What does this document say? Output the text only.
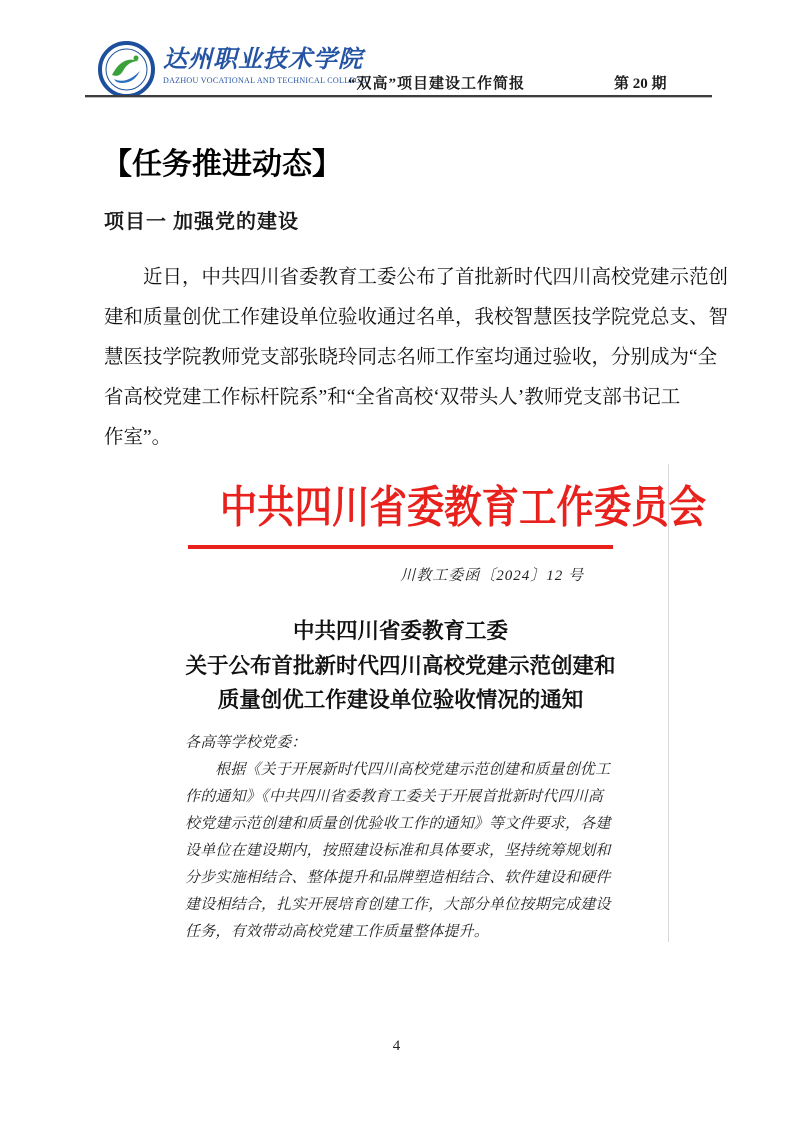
达州职业技术学院
DAZHOU VOCATIONAL AND TECHNICAL COLLEGE
“双高”项目建设工作简报	第 20 期
【任务推进动态】
项目一 加强党的建设
近日，中共四川省委教育工委公布了首批新时代四川高校党建示范创
建和质量创优工作建设单位验收通过名单，我校智慧医技学院党总支、智
慧医技学院教师党支部张晓玲同志名师工作室均通过验收，分别成为“全
省高校党建工作标杆院系”和“全省高校‘双带头人’教师党支部书记工
作室”。
中共四川省委教育工作委员会
川教工委函〔2024〕12 号
中共四川省委教育工委
关于公布首批新时代四川高校党建示范创建和
质量创优工作建设单位验收情况的通知
各高等学校党委：
根据《关于开展新时代四川高校党建示范创建和质量创优工
作的通知》《中共四川省委教育工委关于开展首批新时代四川高
校党建示范创建和质量创优验收工作的通知》等文件要求，各建
设单位在建设期内，按照建设标准和具体要求，坚持统筹规划和
分步实施相结合、整体提升和品牌塑造相结合、软件建设和硬件
建设相结合，扎实开展培育创建工作，大部分单位按期完成建设
任务，有效带动高校党建工作质量整体提升。
4
